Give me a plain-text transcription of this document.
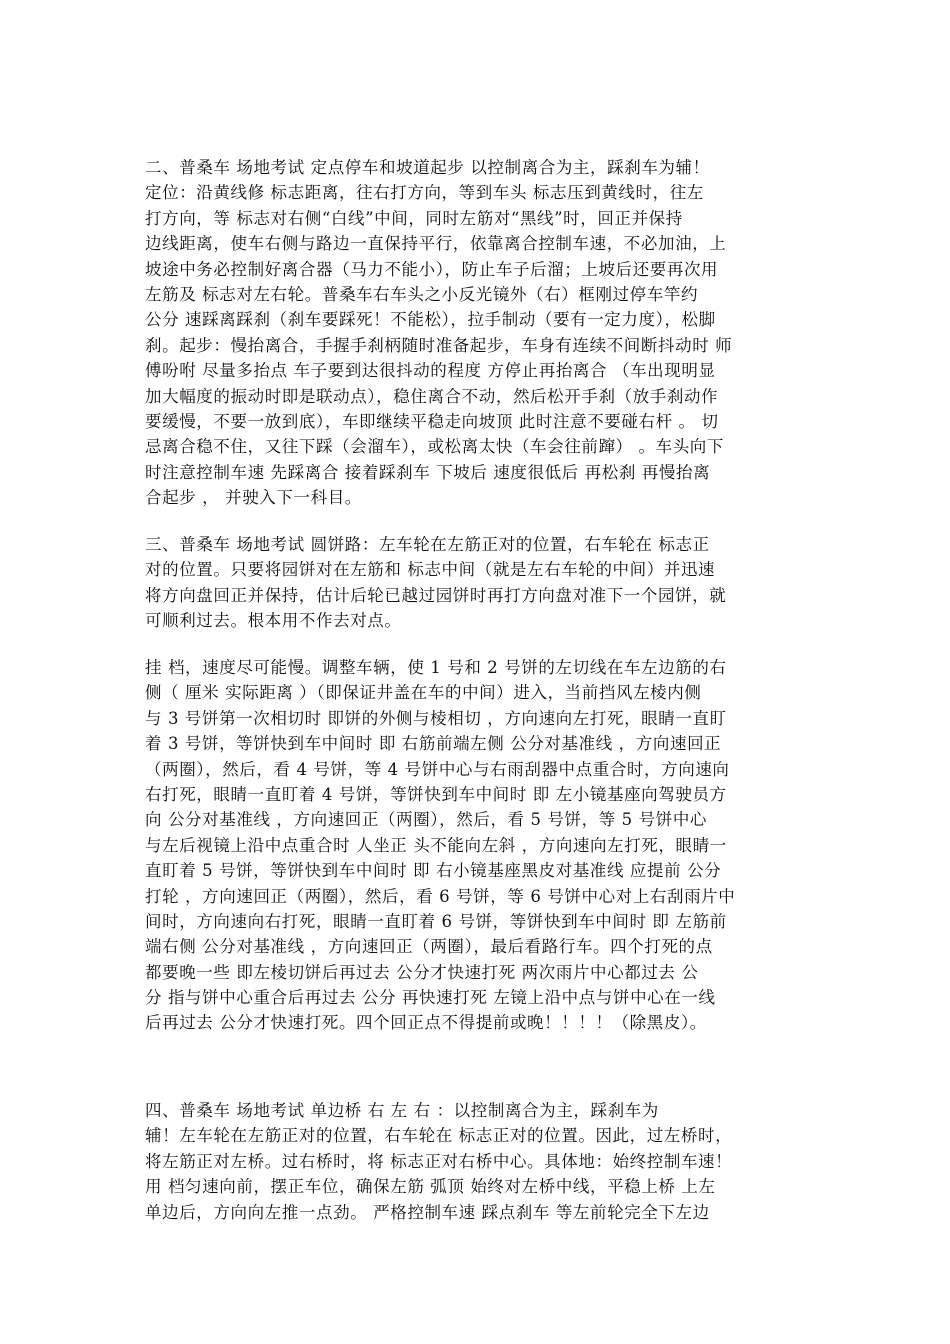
二、普桑车 场地考试 定点停车和坡道起步 以控制离合为主，踩刹车为辅！
定位：沿黄线修 标志距离，往右打方向，等到车头 标志压到黄线时，往左
打方向，等 标志对右侧“白线”中间，同时左筋对“黑线”时，回正并保持
边线距离，使车右侧与路边一直保持平行，依靠离合控制车速，不必加油，上
坡途中务必控制好离合器（马力不能小），防止车子后溜；上坡后还要再次用
左筋及 标志对左右轮。普桑车右车头之小反光镜外（右）框刚过停车竿约
公分 速踩离踩刹（刹车要踩死！不能松），拉手制动（要有一定力度），松脚
刹。起步：慢抬离合，手握手刹柄随时准备起步，车身有连续不间断抖动时 师
傅吩咐 尽量多抬点 车子要到达很抖动的程度 方停止再抬离合 （车出现明显
加大幅度的振动时即是联动点），稳住离合不动，然后松开手刹（放手刹动作
要缓慢，不要一放到底），车即继续平稳走向坡顶 此时注意不要碰右杆 。 切
忌离合稳不住，又往下踩（会溜车），或松离太快（车会往前蹿） 。车头向下
时注意控制车速 先踩离合 接着踩刹车 下坡后 速度很低后 再松刹 再慢抬离
合起步 ， 并驶入下一科目。
三、普桑车 场地考试 圆饼路：左车轮在左筋正对的位置，右车轮在 标志正
对的位置。只要将园饼对在左筋和 标志中间（就是左右车轮的中间）并迅速
将方向盘回正并保持，估计后轮已越过园饼时再打方向盘对准下一个园饼，就
可顺利过去。根本用不作去对点。
挂 档，速度尽可能慢。调整车辆，使 1 号和 2 号饼的左切线在车左边筋的右
侧（ 厘米 实际距离 ）（即保证井盖在车的中间）进入，当前挡风左棱内侧
与 3 号饼第一次相切时 即饼的外侧与棱相切 ，方向速向左打死，眼睛一直盯
着 3 号饼，等饼快到车中间时 即 右筋前端左侧 公分对基准线 ，方向速回正
（两圈），然后，看 4 号饼，等 4 号饼中心与右雨刮器中点重合时，方向速向
右打死，眼睛一直盯着 4 号饼，等饼快到车中间时 即 左小镜基座向驾驶员方
向 公分对基准线 ，方向速回正（两圈），然后，看 5 号饼，等 5 号饼中心
与左后视镜上沿中点重合时 人坐正 头不能向左斜 ，方向速向左打死，眼睛一
直盯着 5 号饼，等饼快到车中间时 即 右小镜基座黑皮对基准线 应提前 公分
打轮 ，方向速回正（两圈），然后，看 6 号饼，等 6 号饼中心对上右刮雨片中
间时，方向速向右打死，眼睛一直盯着 6 号饼，等饼快到车中间时 即 左筋前
端右侧 公分对基准线 ，方向速回正（两圈），最后看路行车。四个打死的点
都要晚一些 即左棱切饼后再过去 公分才快速打死 两次雨片中心都过去 公
分 指与饼中心重合后再过去 公分 再快速打死 左镜上沿中点与饼中心在一线
后再过去 公分才快速打死。四个回正点不得提前或晚！！！！（除黑皮）。
四、普桑车 场地考试 单边桥 右 左 右 ：以控制离合为主，踩刹车为
辅！左车轮在左筋正对的位置，右车轮在 标志正对的位置。因此，过左桥时，
将左筋正对左桥。过右桥时，将 标志正对右桥中心。具体地：始终控制车速！
用 档匀速向前，摆正车位，确保左筋 弧顶 始终对左桥中线，平稳上桥 上左
单边后，方向向左推一点劲。 严格控制车速 踩点刹车 等左前轮完全下左边
